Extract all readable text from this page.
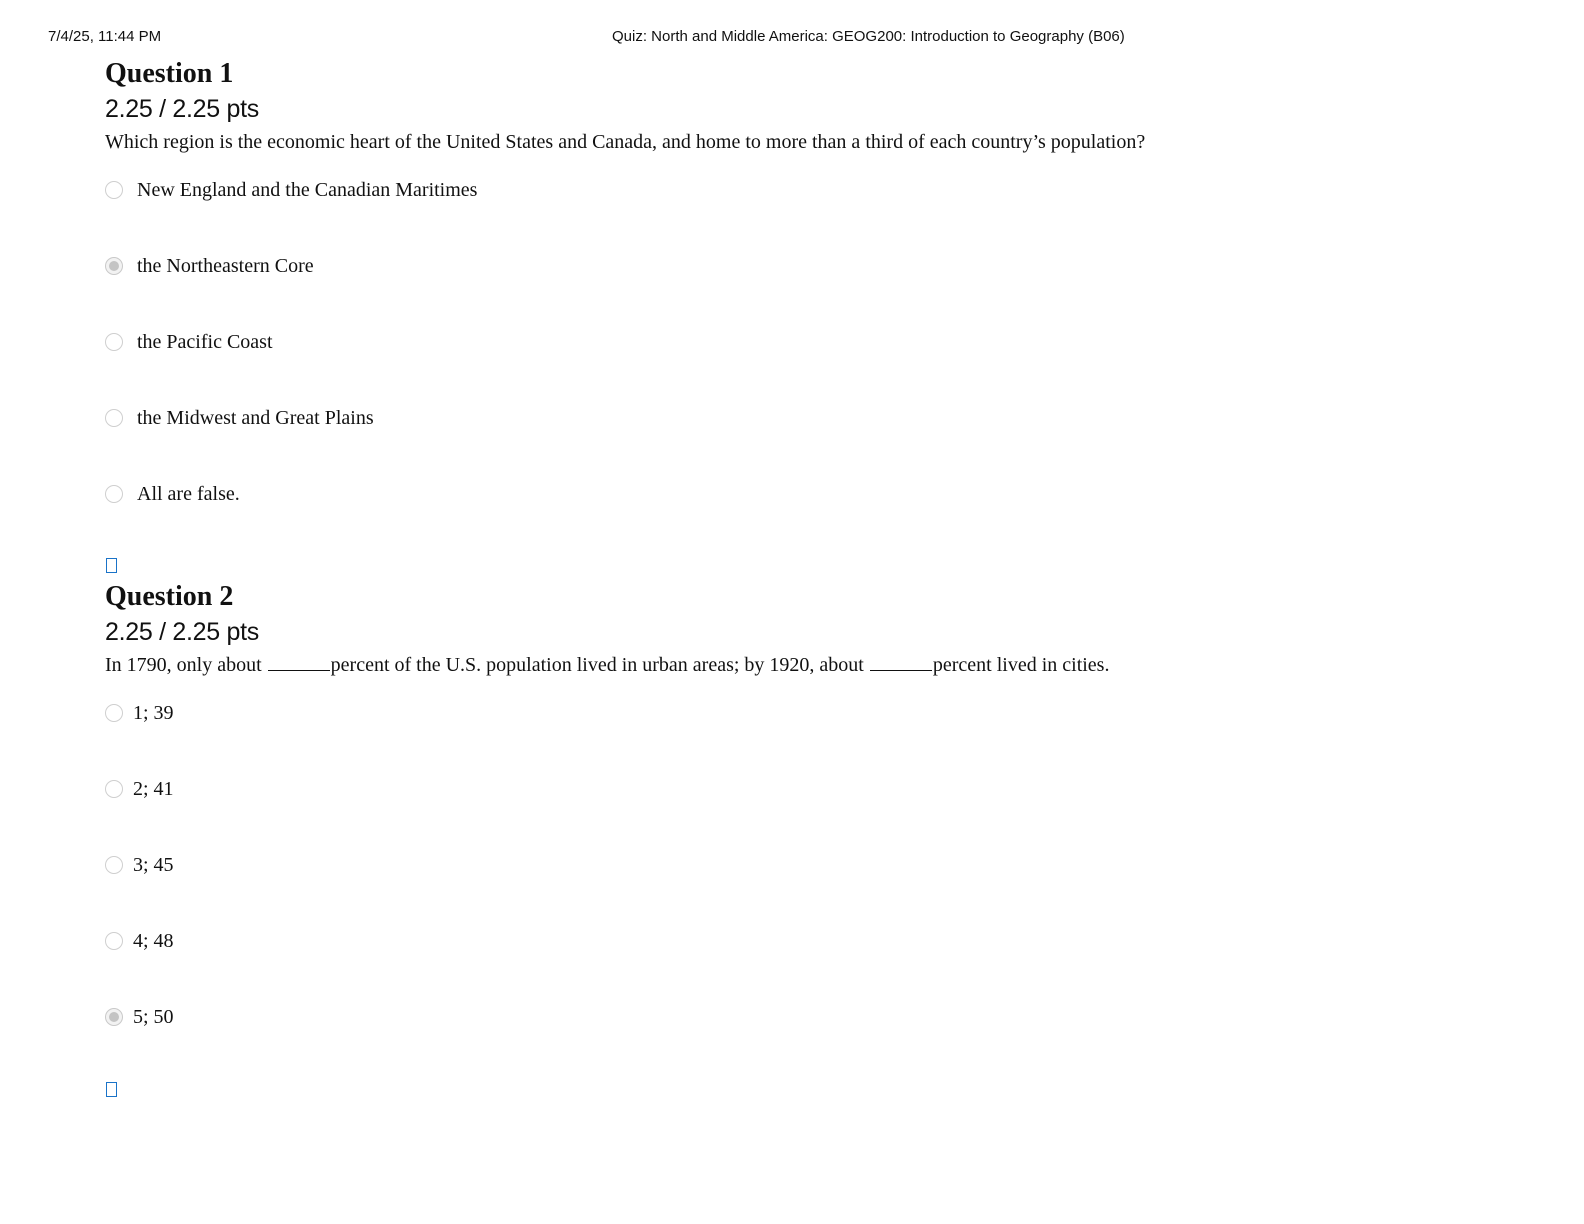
7/4/25, 11:44 PM	Quiz: North and Middle America: GEOG200: Introduction to Geography (B06)
Question 1
2.25 / 2.25 pts
Which region is the economic heart of the United States and Canada, and home to more than a third of each country’s population?
New England and the Canadian Maritimes
the Northeastern Core
the Pacific Coast
the Midwest and Great Plains
All are false.
Question 2
2.25 / 2.25 pts
In 1790, only about	percent of the U.S. population lived in urban areas; by 1920, about	percent lived in cities.
1; 39
2; 41
3; 45
4; 48
5; 50
